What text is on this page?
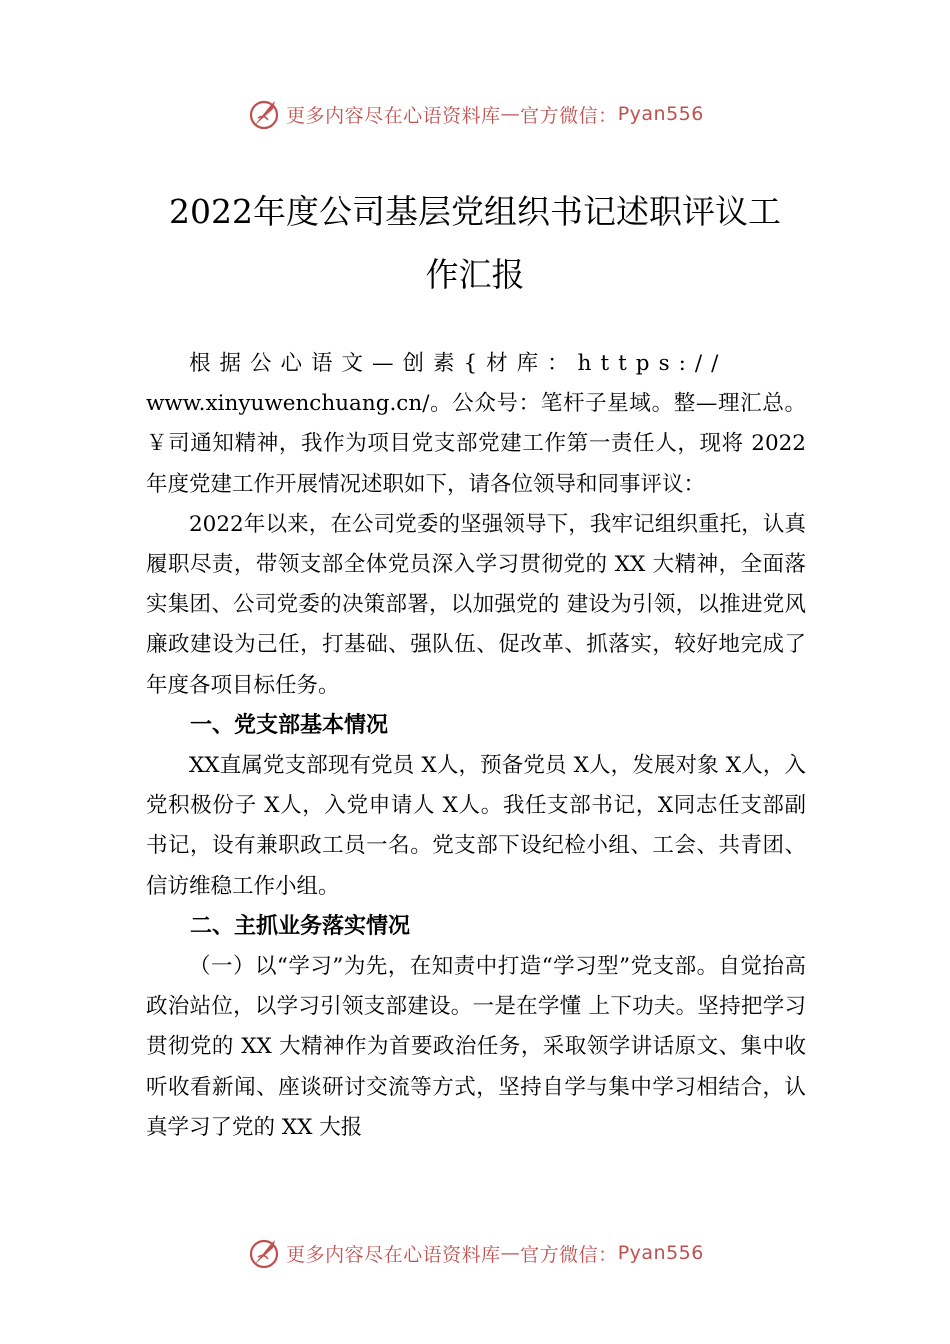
更多内容尽在心语资料库 — 官方微信： Pyan556
2022年度公司基层党组织书记述职评议工
作汇报

根据公心语文—创素{材库：https://

www.xinyuwenchuang.cn/。公众号：笔杆子星域。整—理汇总。￥司通知精神，我作为项目党支部党建工作第一责任人，现将 2022 年度党建工作开展情况述职如下，请各位领导和同事评议：

2022年以来，在公司党委的坚强领导下，我牢记组织重托，认真履职尽责，带领支部全体党员深入学习贯彻党的 XX 大精神，全面落实集团、公司党委的决策部署，以加强党的 建设为引领，以推进党风廉政建设为己任，打基础、强队伍、促改革、抓落实，较好地完成了年度各项目标任务。

一、党支部基本情况

XX直属党支部现有党员 X人，预备党员 X人，发展对象 X人，入党积极份子 X人，入党申请人 X人。我任支部书记，X同志任支部副书记，设有兼职政工员一名。党支部下设纪检小组、工会、共青团、信访维稳工作小组。

二、主抓业务落实情况

（一）以“学习”为先，在知责中打造“学习型”党支部。自觉抬高政治站位，以学习引领支部建设。一是在学懂 上下功夫。坚持把学习贯彻党的 XX 大精神作为首要政治任务，采取领学讲话原文、集中收听收看新闻、座谈研讨交流等方式，坚持自学与集中学习相结合，认真学习了党的 XX 大报

更多内容尽在心语资料库 — 官方微信： Pyan556
